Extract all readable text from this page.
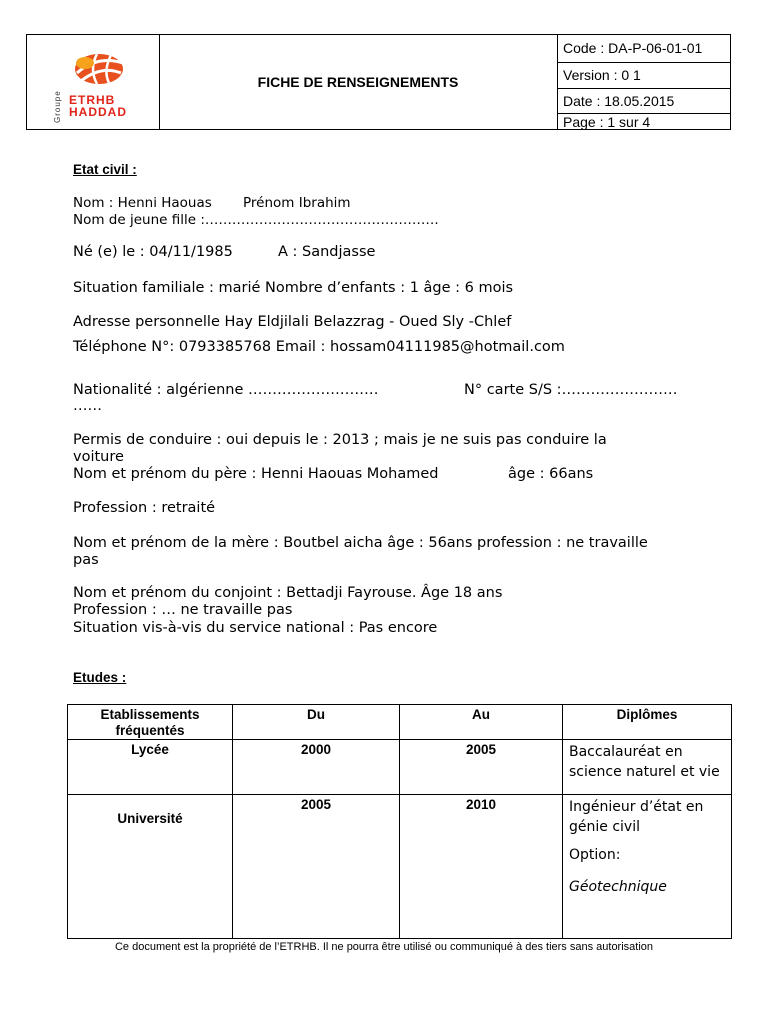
Groupe ETRHB
HADDAD
FICHE DE RENSEIGNEMENTS
Code : DA-P-06-01-01
Version : 0 1
Date : 18.05.2015
Page : 1 sur 4
Etat civil :
Nom : Henni Haouas Prénom Ibrahim
Nom de jeune fille :…………………………………………….
Né (e) le : 04/11/1985	A : Sandjasse
Situation familiale : marié Nombre d’enfants : 1 âge : 6 mois
Adresse personnelle Hay Eldjilali Belazzrag - Oued Sly -Chlef
Téléphone N°: 0793385768 Email : hossam04111985@hotmail.com
Nationalité : algérienne ………………………	N° carte S/S :……………………
……
Permis de conduire : oui depuis le : 2013 ; mais je ne suis pas conduire la
voiture
Nom et prénom du père : Henni Haouas Mohamed	âge : 66ans
Profession : retraité
Nom et prénom de la mère : Boutbel aicha âge : 56ans profession : ne travaille
pas
Nom et prénom du conjoint : Bettadji Fayrouse. Âge 18 ans
Profession : … ne travaille pas
Situation vis-à-vis du service national : Pas encore
Etudes :
Etablissements fréquentés	Du	Au	Diplômes
Lycée	2000	2005	Baccalauréat en science naturel et vie
Université	2005	2010	Ingénieur d’état en génie civil
Option:
Géotechnique
Ce document est la propriété de l’ETRHB. Il ne pourra être utilisé ou communiqué à des tiers sans autorisation
